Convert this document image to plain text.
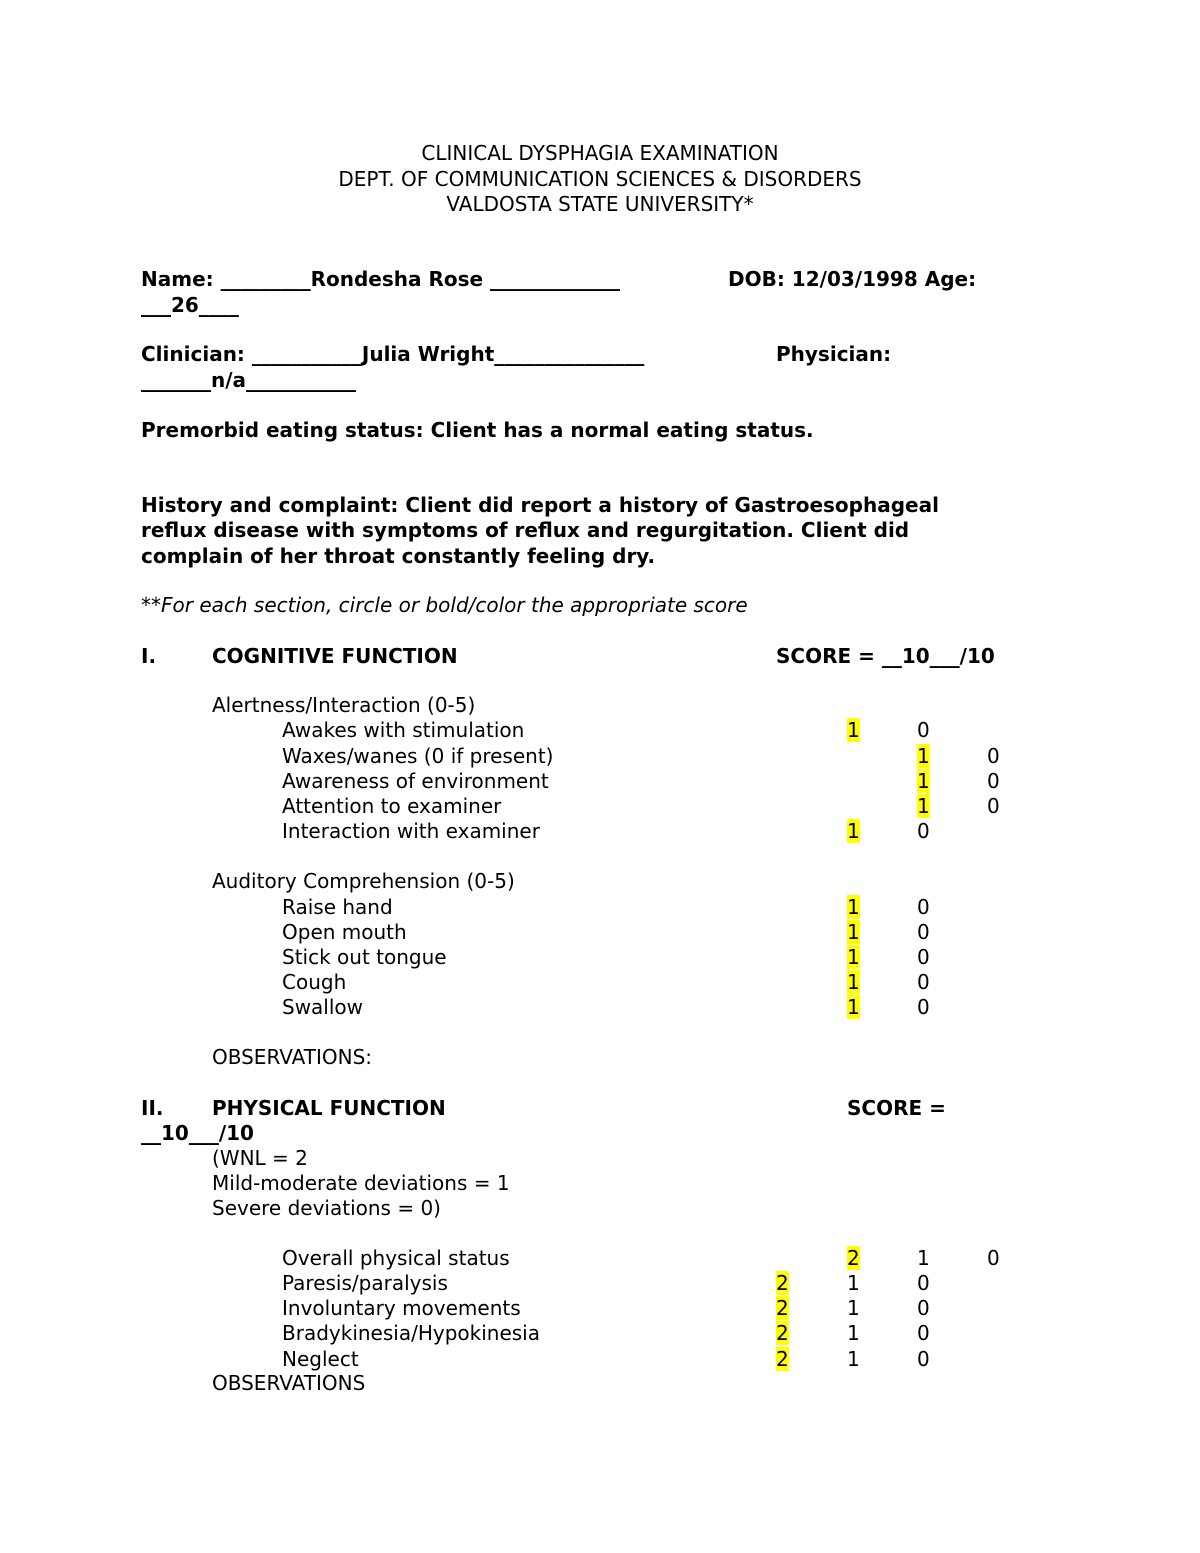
CLINICAL DYSPHAGIA EXAMINATION
DEPT. OF COMMUNICATION SCIENCES & DISORDERS
VALDOSTA STATE UNIVERSITY*
Name: _________Rondesha Rose _____________	DOB: 12/03/1998 Age:
___26____
Clinician: ___________Julia Wright_______________	Physician:
_______n/a___________
Premorbid eating status: Client has a normal eating status.
History and complaint: Client did report a history of Gastroesophageal
reflux disease with symptoms of reflux and regurgitation. Client did
complain of her throat constantly feeling dry.
**For each section, circle or bold/color the appropriate score
I.	COGNITIVE FUNCTION	SCORE = __10___/10
Alertness/Interaction (0-5)
Awakes with stimulation	1	0
Waxes/wanes (0 if present)	1	0
Awareness of environment	1	0
Attention to examiner	1	0
Interaction with examiner	1	0
Auditory Comprehension (0-5)
Raise hand	1	0
Open mouth	1	0
Stick out tongue	1	0
Cough	1	0
Swallow	1	0
OBSERVATIONS:
II. PHYSICAL FUNCTION	SCORE =
__10___/10
(WNL = 2
Mild-moderate deviations = 1
Severe deviations = 0)
Overall physical status	2	1	0
Paresis/paralysis	2	1	0
Involuntary movements	2	1	0
Bradykinesia/Hypokinesia	2	1	0
Neglect	2	1	0
OBSERVATIONS
